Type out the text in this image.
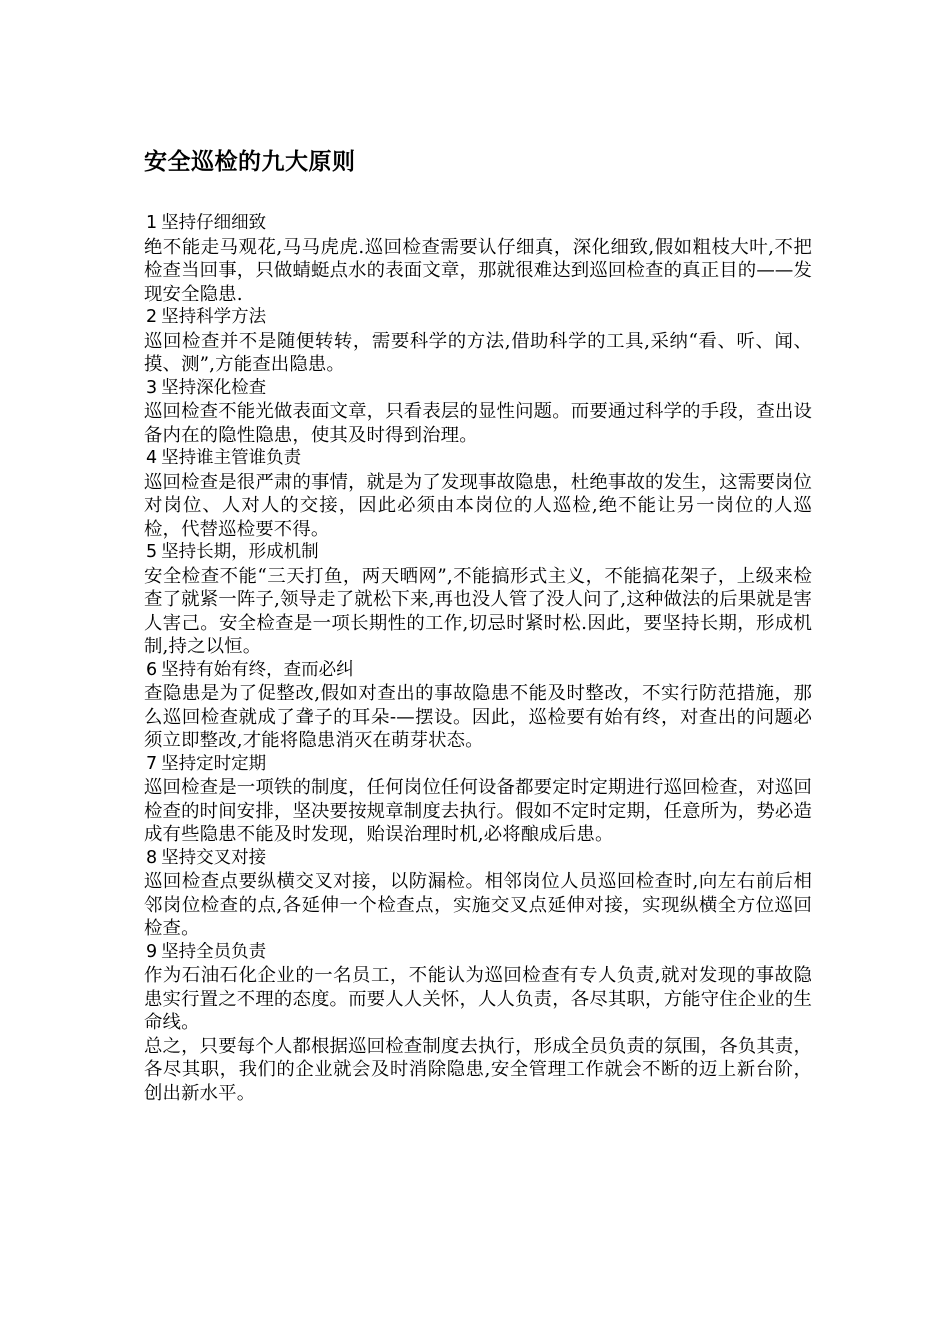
安全巡检的九大原则

1 坚持仔细细致

绝不能走马观花,马马虎虎.巡回检查需要认仔细真，深化细致,假如粗枝大叶,不把检查当回事，只做蜻蜓点水的表面文章，那就很难达到巡回检查的真正目的——发现安全隐患.

2 坚持科学方法

巡回检查并不是随便转转，需要科学的方法,借助科学的工具,采纳“看、听、闻、摸、测”,方能查出隐患。

3 坚持深化检查

巡回检查不能光做表面文章，只看表层的显性问题。而要通过科学的手段，查出设备内在的隐性隐患，使其及时得到治理。

4 坚持谁主管谁负责

巡回检查是很严肃的事情，就是为了发现事故隐患，杜绝事故的发生，这需要岗位对岗位、人对人的交接，因此必须由本岗位的人巡检,绝不能让另一岗位的人巡检，代替巡检要不得。

5 坚持长期，形成机制

安全检查不能“三天打鱼，两天晒网”,不能搞形式主义，不能搞花架子，上级来检查了就紧一阵子,领导走了就松下来,再也没人管了没人问了,这种做法的后果就是害人害己。安全检查是一项长期性的工作,切忌时紧时松.因此，要坚持长期，形成机制,持之以恒。

6 坚持有始有终，查而必纠

查隐患是为了促整改,假如对查出的事故隐患不能及时整改，不实行防范措施，那么巡回检查就成了聋子的耳朵-—摆设。因此，巡检要有始有终，对查出的问题必须立即整改,才能将隐患消灭在萌芽状态。

7 坚持定时定期

巡回检查是一项铁的制度，任何岗位任何设备都要定时定期进行巡回检查，对巡回检查的时间安排，坚决要按规章制度去执行。假如不定时定期，任意所为，势必造成有些隐患不能及时发现，贻误治理时机,必将酿成后患。

8 坚持交叉对接

巡回检查点要纵横交叉对接，以防漏检。相邻岗位人员巡回检查时,向左右前后相邻岗位检查的点,各延伸一个检查点，实施交叉点延伸对接，实现纵横全方位巡回检查。

9 坚持全员负责

作为石油石化企业的一名员工，不能认为巡回检查有专人负责,就对发现的事故隐患实行置之不理的态度。而要人人关怀，人人负责，各尽其职，方能守住企业的生命线。

总之，只要每个人都根据巡回检查制度去执行，形成全员负责的氛围，各负其责，各尽其职，我们的企业就会及时消除隐患,安全管理工作就会不断的迈上新台阶，创出新水平。
